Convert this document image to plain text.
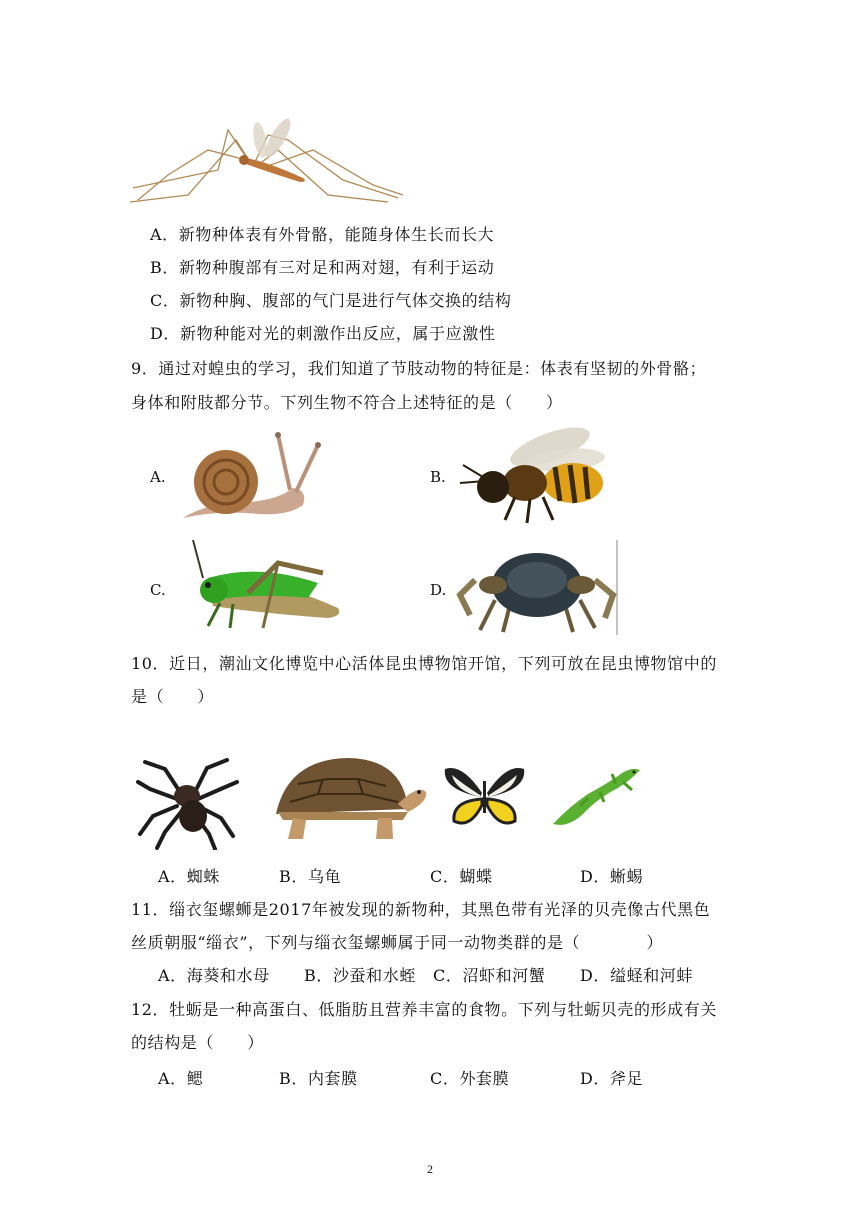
A．新物种体表有外骨骼，能随身体生长而长大
B．新物种腹部有三对足和两对翅，有利于运动
C．新物种胸、腹部的气门是进行气体交换的结构
D．新物种能对光的刺激作出反应，属于应激性
9．通过对蝗虫的学习，我们知道了节肢动物的特征是：体表有坚韧的外骨骼；
身体和附肢都分节。下列生物不符合上述特征的是（　　）
A.	B.
C.	D.
10．近日，潮汕文化博览中心活体昆虫博物馆开馆，下列可放在昆虫博物馆中的
是（　　）
A．蜘蛛	B．乌龟	C．蝴蝶	D．蜥蜴
11．缁衣玺螺蛳是2017年被发现的新物种，其黑色带有光泽的贝壳像古代黑色
丝质朝服“缁衣”，下列与缁衣玺螺蛳属于同一动物类群的是（　　　　）
A．海葵和水母 B．沙蚕和水蛭 C．沼虾和河蟹 D．缢蛏和河蚌
12．牡蛎是一种高蛋白、低脂肪且营养丰富的食物。下列与牡蛎贝壳的形成有关
的结构是（　　）
A．鳃	B．内套膜	C．外套膜	D．斧足
2
